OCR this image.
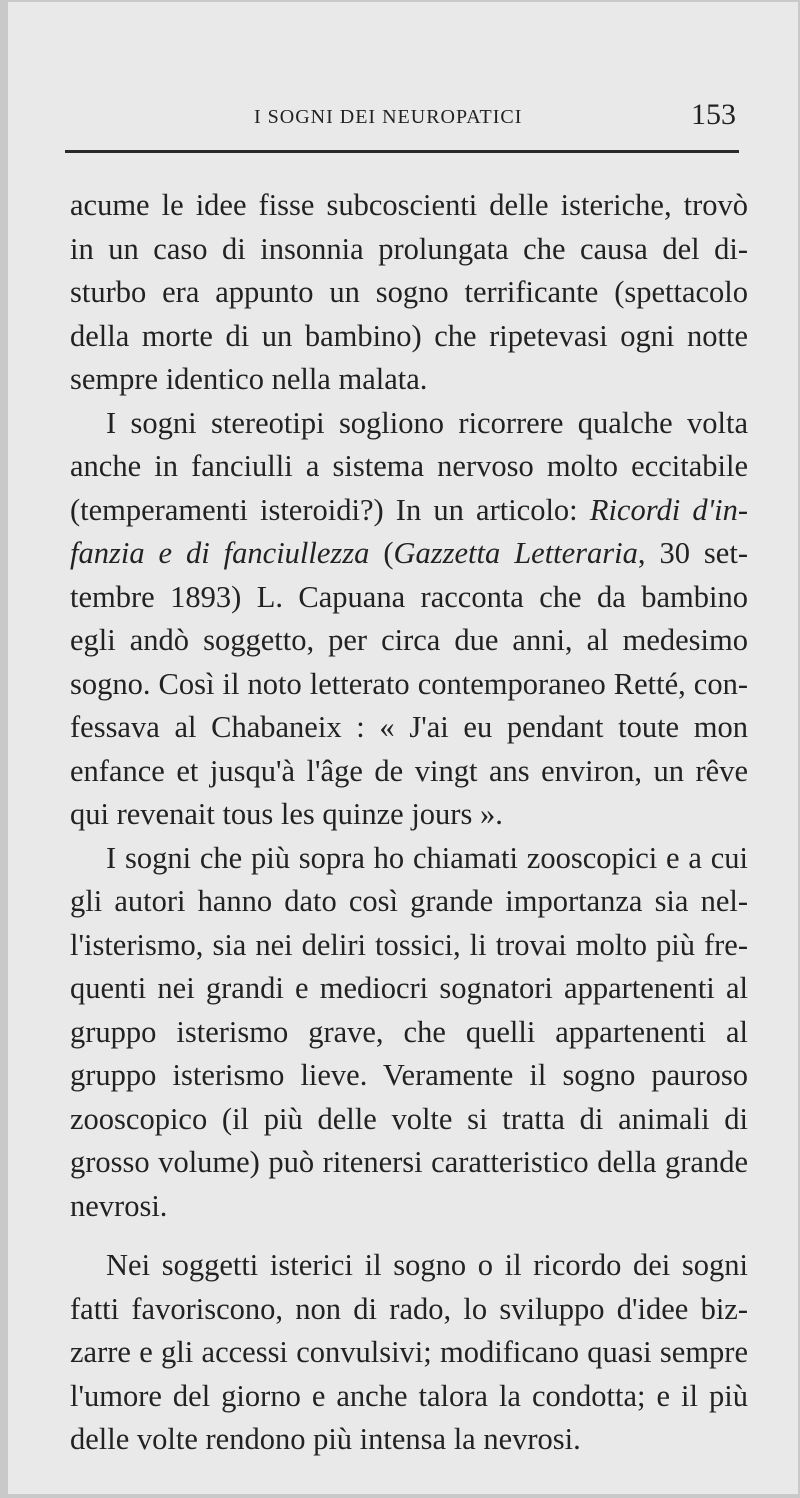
I SOGNI DEI NEUROPATICI	153
acume le idee fisse subcoscienti delle isteriche, trovò
in un caso di insonnia prolungata che causa del di-
sturbo era appunto un sogno terrificante (spettacolo
della morte di un bambino) che ripetevasi ogni notte
sempre identico nella malata.
I sogni stereotipi sogliono ricorrere qualche volta
anche in fanciulli a sistema nervoso molto eccitabile
(temperamenti isteroidi?) In un articolo: Ricordi d'in-
fanzia e di fanciullezza (Gazzetta Letteraria, 30 set-
tembre 1893) L. Capuana racconta che da bambino
egli andò soggetto, per circa due anni, al medesimo
sogno. Così il noto letterato contemporaneo Retté, con-
fessava al Chabaneix : « J'ai eu pendant toute mon
enfance et jusqu'à l'âge de vingt ans environ, un rêve
qui revenait tous les quinze jours ».
I sogni che più sopra ho chiamati zooscopici e a cui
gli autori hanno dato così grande importanza sia nel-
l'isterismo, sia nei deliri tossici, li trovai molto più fre-
quenti nei grandi e mediocri sognatori appartenenti al
gruppo isterismo grave, che quelli appartenenti al
gruppo isterismo lieve. Veramente il sogno pauroso
zooscopico (il più delle volte si tratta di animali di
grosso volume) può ritenersi caratteristico della grande
nevrosi.
Nei soggetti isterici il sogno o il ricordo dei sogni
fatti favoriscono, non di rado, lo sviluppo d'idee biz-
zarre e gli accessi convulsivi; modificano quasi sempre
l'umore del giorno e anche talora la condotta; e il più
delle volte rendono più intensa la nevrosi.
